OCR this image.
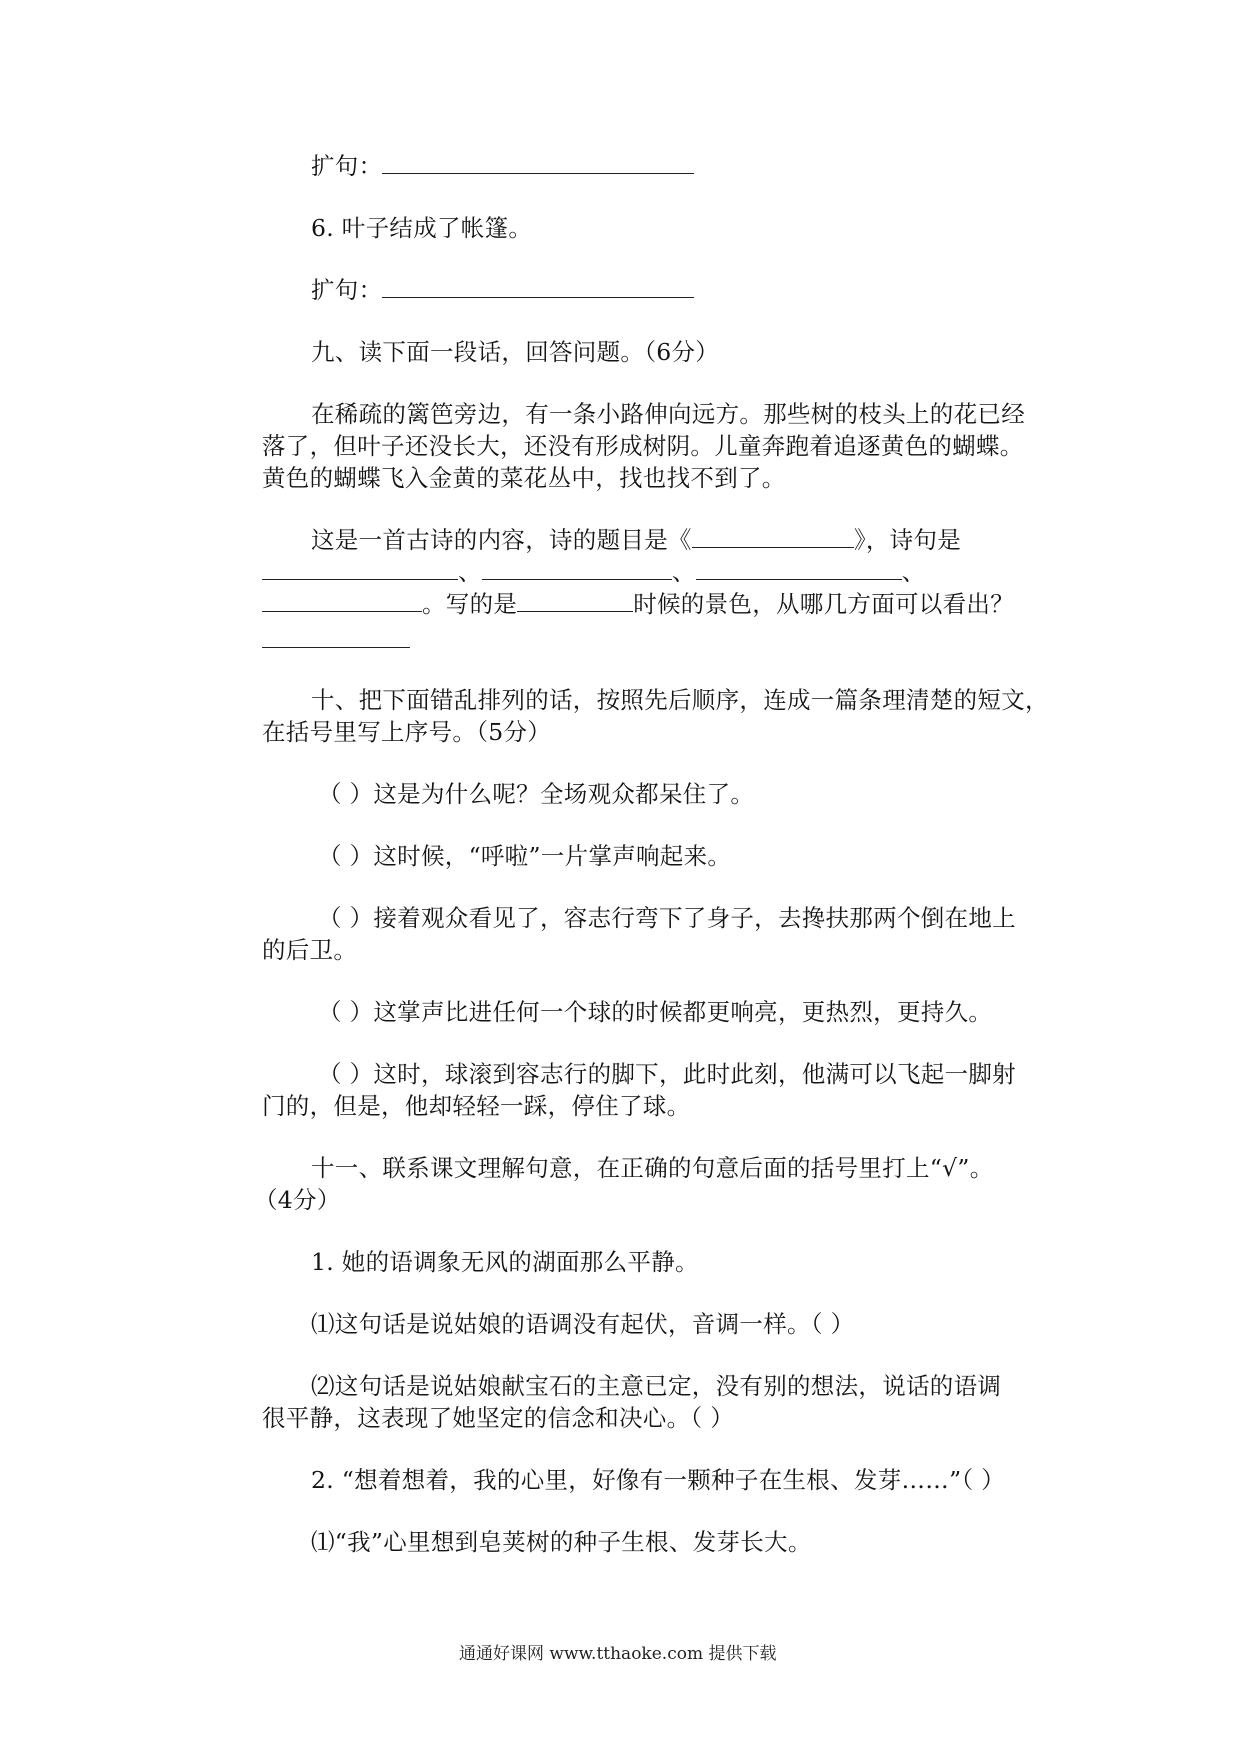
扩句：
6. 叶子结成了帐篷。
扩句：
九、读下面一段话，回答问题。（6分）
在稀疏的篱笆旁边，有一条小路伸向远方。那些树的枝头上的花已经
落了，但叶子还没长大，还没有形成树阴。儿童奔跑着追逐黄色的蝴蝶。
黄色的蝴蝶飞入金黄的菜花丛中，找也找不到了。
这是一首古诗的内容，诗的题目是《	》，诗句是
、	、	、
。写的是	时候的景色，从哪几方面可以看出？
十、把下面错乱排列的话，按照先后顺序，连成一篇条理清楚的短文，
在括号里写上序号。（5分）
（ ）这是为什么呢？全场观众都呆住了。
（ ）这时候，“呼啦”一片掌声响起来。
（ ）接着观众看见了，容志行弯下了身子，去搀扶那两个倒在地上
的后卫。
（ ）这掌声比进任何一个球的时候都更响亮，更热烈，更持久。
（ ）这时，球滚到容志行的脚下，此时此刻，他满可以飞起一脚射
门的，但是，他却轻轻一踩，停住了球。
十一、联系课文理解句意，在正确的句意后面的括号里打上“√”。
（4分）
1. 她的语调象无风的湖面那么平静。
⑴这句话是说姑娘的语调没有起伏，音调一样。（ ）
⑵这句话是说姑娘献宝石的主意已定，没有别的想法，说话的语调
很平静，这表现了她坚定的信念和决心。（ ）
2. “想着想着，我的心里，好像有一颗种子在生根、发芽……”（ ）
⑴“我”心里想到皂荚树的种子生根、发芽长大。
通通好课网 www.tthaoke.com 提供下载
